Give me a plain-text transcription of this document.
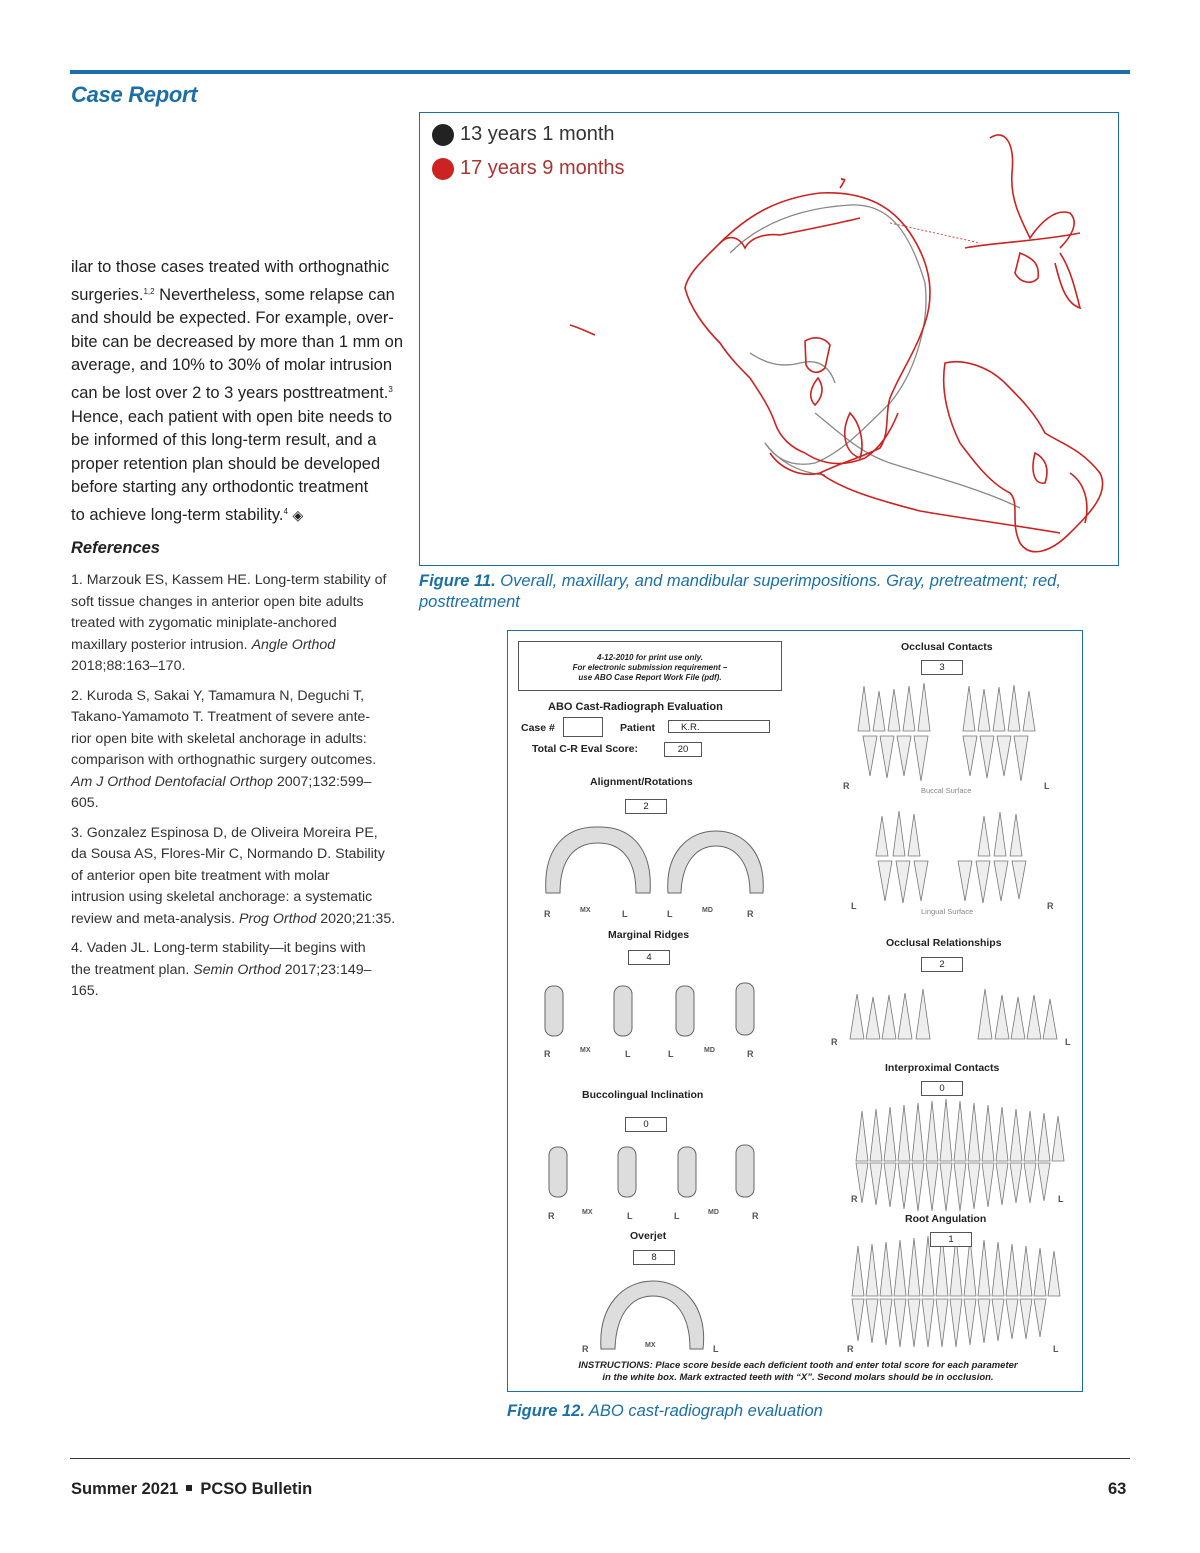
Case Report
ilar to those cases treated with orthognathic
surgeries.$^{1,2}$ Nevertheless, some relapse can
and should be expected. For example, over-
bite can be decreased by more than 1 mm on
average, and 10% to 30% of molar intrusion
can be lost over 2 to 3 years posttreatment.$^3$
Hence, each patient with open bite needs to
be informed of this long-term result, and a
proper retention plan should be developed
before starting any orthodontic treatment
to achieve long-term stability.$^4$ ◈
References
1. Marzouk ES, Kassem HE. Long-term stability of
soft tissue changes in anterior open bite adults
treated with zygomatic miniplate-anchored
maxillary posterior intrusion. Angle Orthod
2018;88:163–170.
2. Kuroda S, Sakai Y, Tamamura N, Deguchi T,
Takano-Yamamoto T. Treatment of severe ante-
rior open bite with skeletal anchorage in adults:
comparison with orthognathic surgery outcomes.
Am J Orthod Dentofacial Orthop 2007;132:599–
605.
3. Gonzalez Espinosa D, de Oliveira Moreira PE,
da Sousa AS, Flores-Mir C, Normando D. Stability
of anterior open bite treatment with molar
intrusion using skeletal anchorage: a systematic
review and meta-analysis. Prog Orthod 2020;21:35.
4. Vaden JL. Long-term stability—it begins with
the treatment plan. Semin Orthod 2017;23:149–
165.
13 years 1 month
17 years 9 months
Figure 11. Overall, maxillary, and mandibular superimpositions. Gray, pretreatment; red,
posttreatment
4-12-2010 for print use only.
For electronic submission requirement –
use ABO Case Report Work File (pdf).
ABO Cast-Radiograph Evaluation
Case #	Patient	K.R.
Total C-R Eval Score:	20
Alignment/Rotations
2
R	MX	L	L	MD	R
Marginal Ridges
4
R	MX	L	L	MD	R
Buccolingual Inclination
0
R	MX	L	L	MD	R
Overjet
8
R	MX	L
Occlusal Contacts
3
R	Buccal Surface	L
L
Lingual Surface
R
Occlusal Relationships
2
R	L
Interproximal Contacts
0
R	L
Root Angulation
1
R	L
INSTRUCTIONS: Place score beside each deficient tooth and enter total score for each parameter
in the white box. Mark extracted teeth with “X”. Second molars should be in occlusion.
Figure 12. ABO cast-radiograph evaluation
Summer 2021 PCSO Bulletin	63
